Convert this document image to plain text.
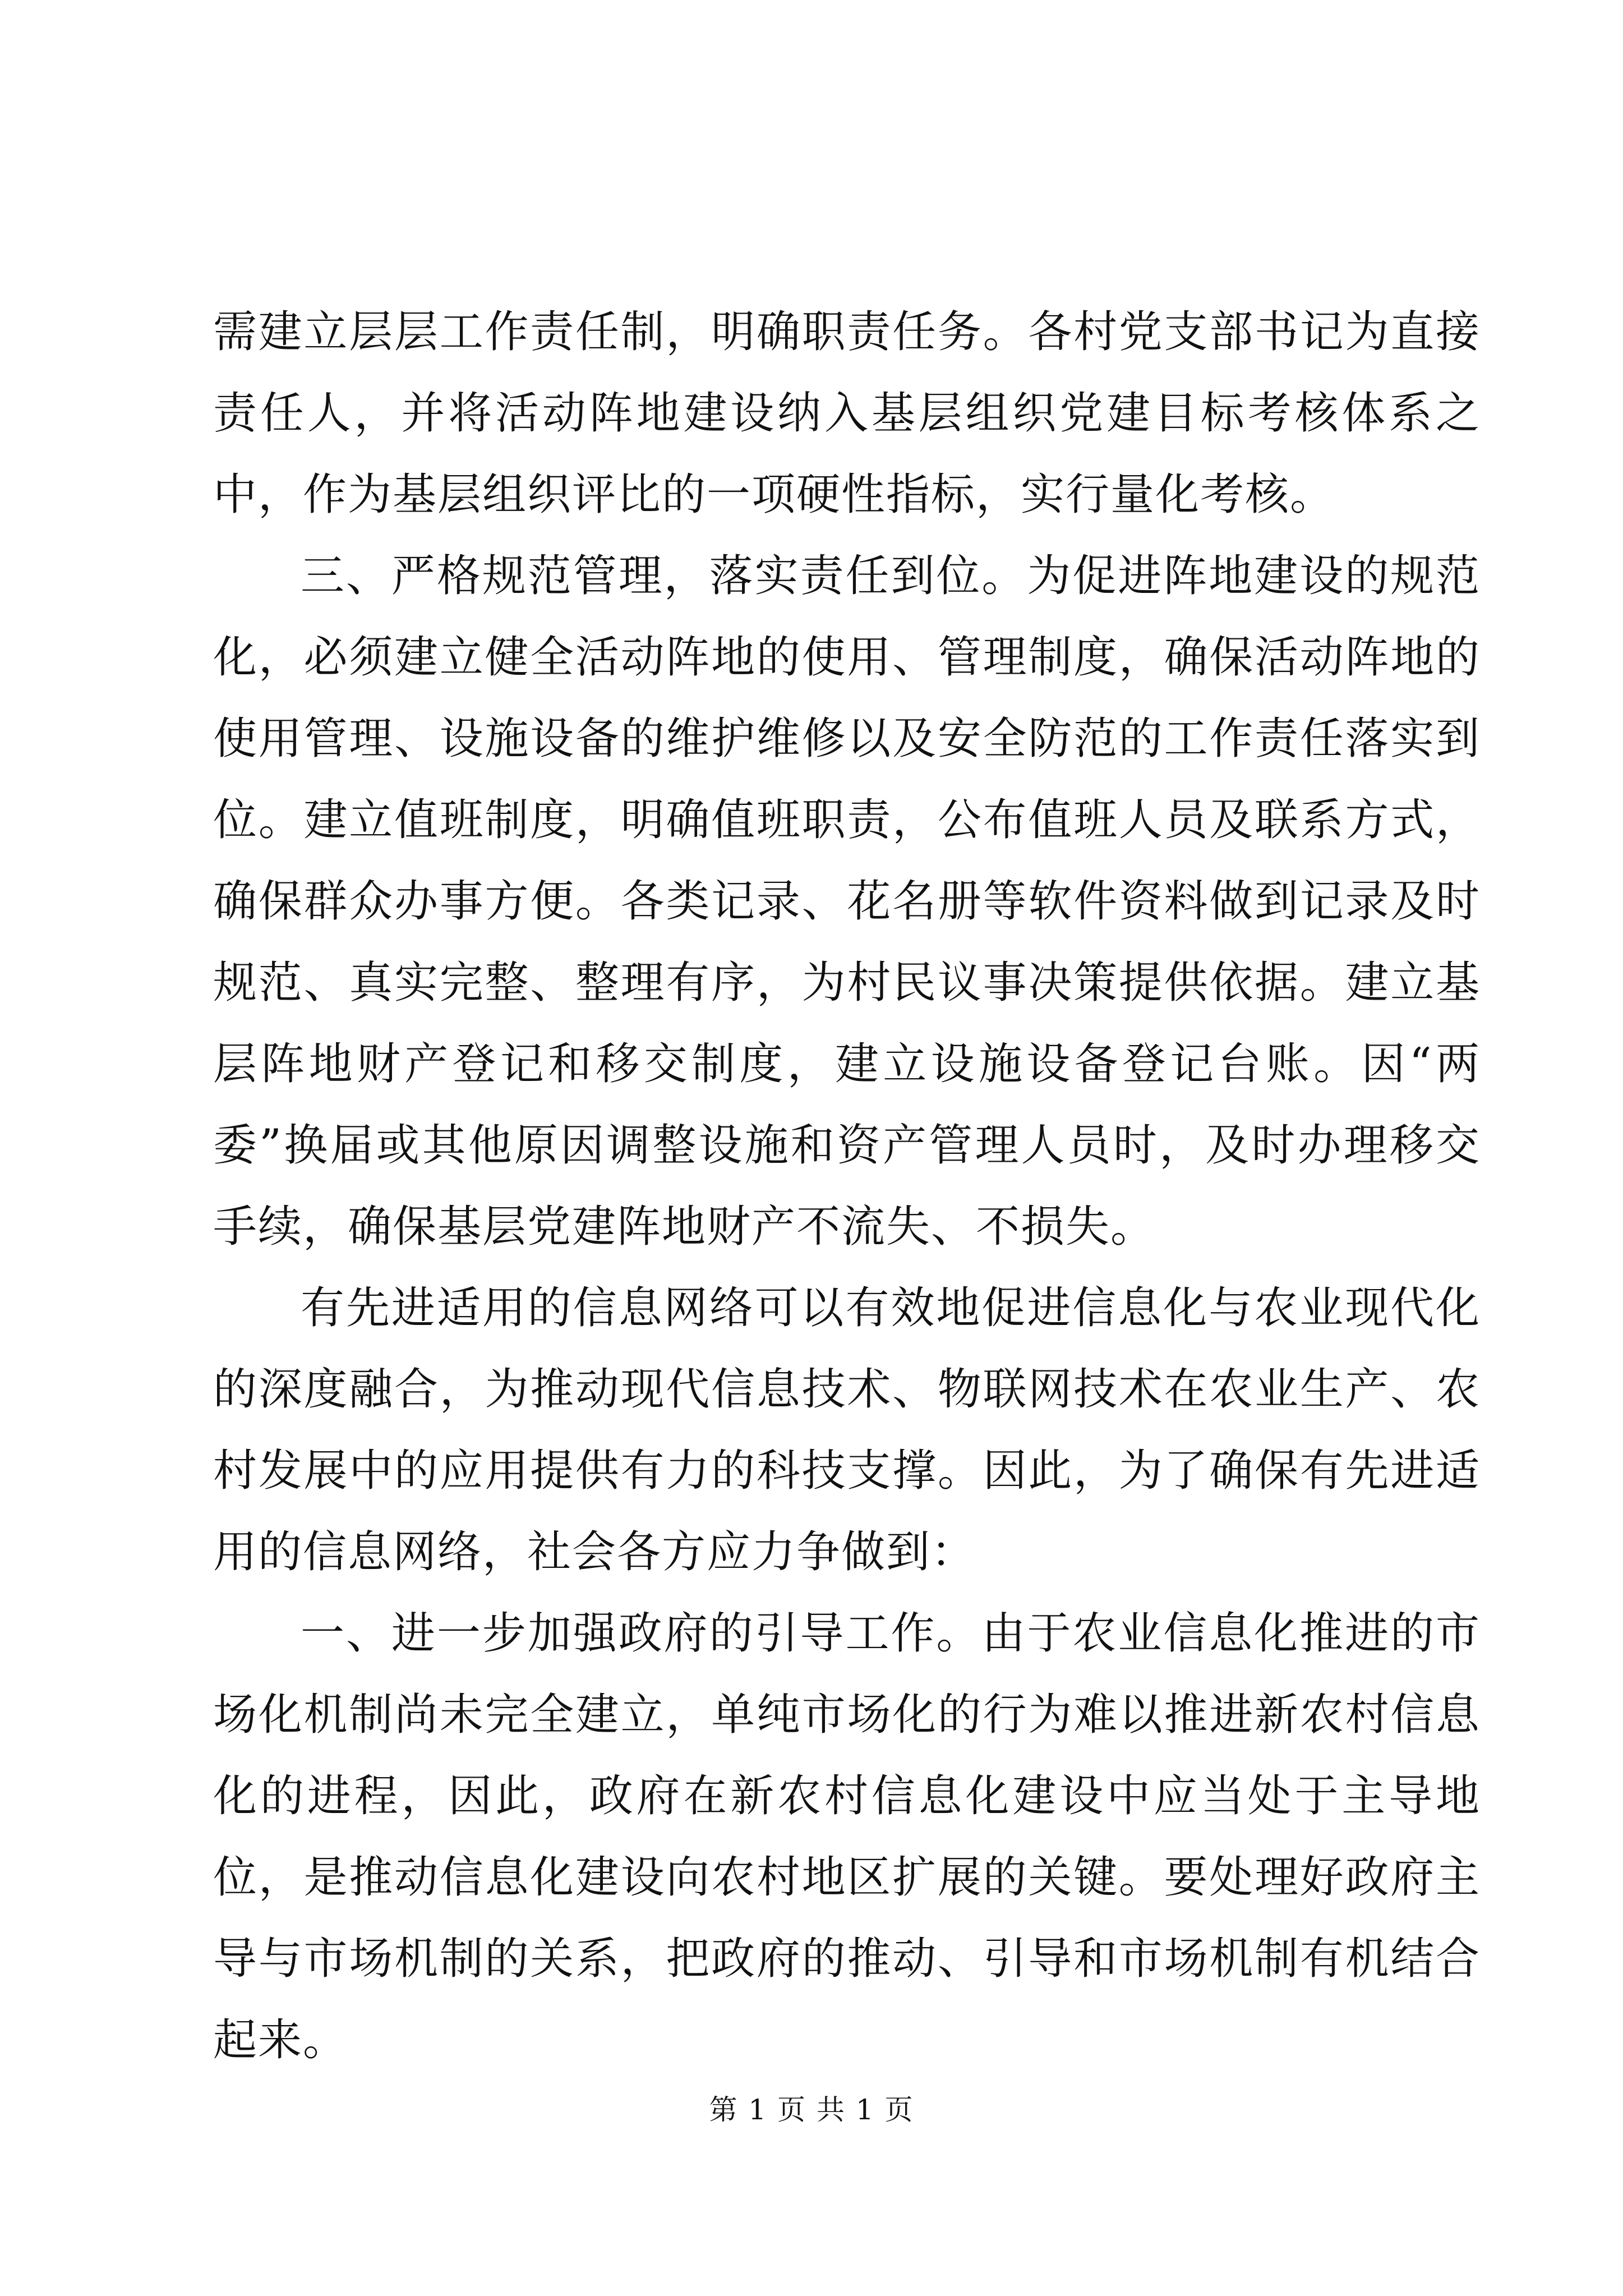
需建立层层工作责任制，明确职责任务。各村党支部书记为直接责任人，并将活动阵地建设纳入基层组织党建目标考核体系之中，作为基层组织评比的一项硬性指标，实行量化考核。

三、严格规范管理，落实责任到位。为促进阵地建设的规范化，必须建立健全活动阵地的使用、管理制度，确保活动阵地的使用管理、设施设备的维护维修以及安全防范的工作责任落实到位。建立值班制度，明确值班职责，公布值班人员及联系方式，确保群众办事方便。各类记录、花名册等软件资料做到记录及时规范、真实完整、整理有序，为村民议事决策提供依据。建立基层阵地财产登记和移交制度，建立设施设备登记台账。因“两委”换届或其他原因调整设施和资产管理人员时，及时办理移交手续，确保基层党建阵地财产不流失、不损失。

有先进适用的信息网络可以有效地促进信息化与农业现代化的深度融合，为推动现代信息技术、物联网技术在农业生产、农村发展中的应用提供有力的科技支撑。因此，为了确保有先进适用的信息网络，社会各方应力争做到：

一、进一步加强政府的引导工作。由于农业信息化推进的市场化机制尚未完全建立，单纯市场化的行为难以推进新农村信息化的进程，因此，政府在新农村信息化建设中应当处于主导地位，是推动信息化建设向农村地区扩展的关键。要处理好政府主导与市场机制的关系，把政府的推动、引导和市场机制有机结合起来。

第 1 页 共 1 页
